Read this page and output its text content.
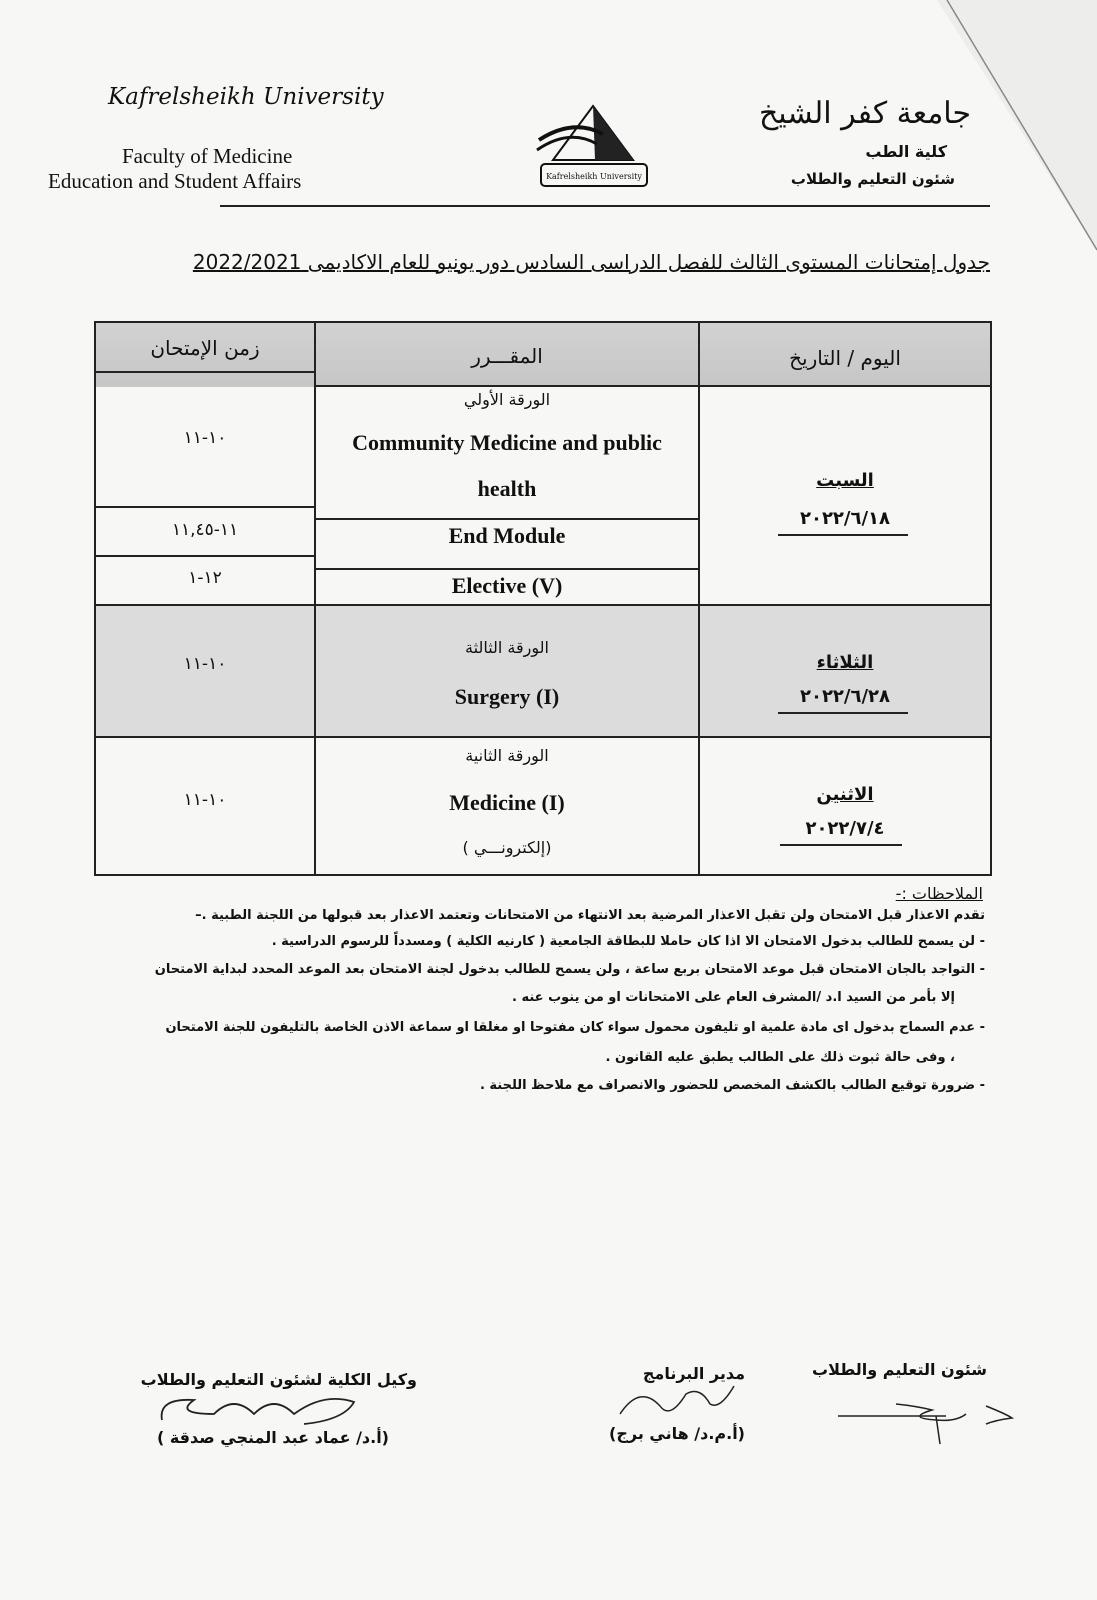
Kafrelsheikh University
Faculty of Medicine
Education and Student Affairs
جامعة كفر الشيخ
كلية الطب
شئون التعليم والطلاب
Kafrelsheikh University
جدول إمتحانات المستوى الثالث للفصل الدراسى السادس دور يونيو للعام الاكاديمى 2022/2021
اليوم / التاريخ
المقـــرر
زمن الإمتحان
السبت
٢٠٢٢/٦/١٨
الورقة الأولي
Community Medicine and public
health
١٠-١١
End Module
١١-١١,٤٥
Elective (V)
١٢-١
الثلاثاء
٢٠٢٢/٦/٢٨
الورقة الثالثة
Surgery (I)
١٠-١١
الاثنين
٢٠٢٢/٧/٤
الورقة الثانية
Medicine (I)
(إلكترونـــي )
١٠-١١
الملاحظات :-
تقدم الاعذار قبل الامتحان ولن تقبل الاعذار المرضية بعد الانتهاء من الامتحانات وتعتمد الاعذار بعد قبولها من اللجنة الطبية .–
- لن يسمح للطالب بدخول الامتحان الا اذا كان حاملا للبطاقة الجامعية ( كارنيه الكلية ) ومسدداً للرسوم الدراسية .
- التواجد بالجان الامتحان قبل موعد الامتحان بربع ساعة ، ولن يسمح للطالب بدخول لجنة الامتحان بعد الموعد المحدد لبداية الامتحان
إلا بأمر من السيد ا.د /المشرف العام على الامتحانات او من ينوب عنه .
- عدم السماح بدخول اى مادة علمية او تليفون محمول سواء كان مفتوحا او مغلقا او سماعة الاذن الخاصة بالتليفون للجنة الامتحان
، وفى حالة ثبوت ذلك على الطالب يطبق عليه القانون .
- ضرورة توقيع الطالب بالكشف المخصص للحضور والانصراف مع ملاحظ اللجنة .
شئون التعليم والطلاب
مدير البرنامج
(أ.م.د/ هاني برج)
وكيل الكلية لشئون التعليم والطلاب
(أ.د/ عماد عبد المنجي صدقة )
